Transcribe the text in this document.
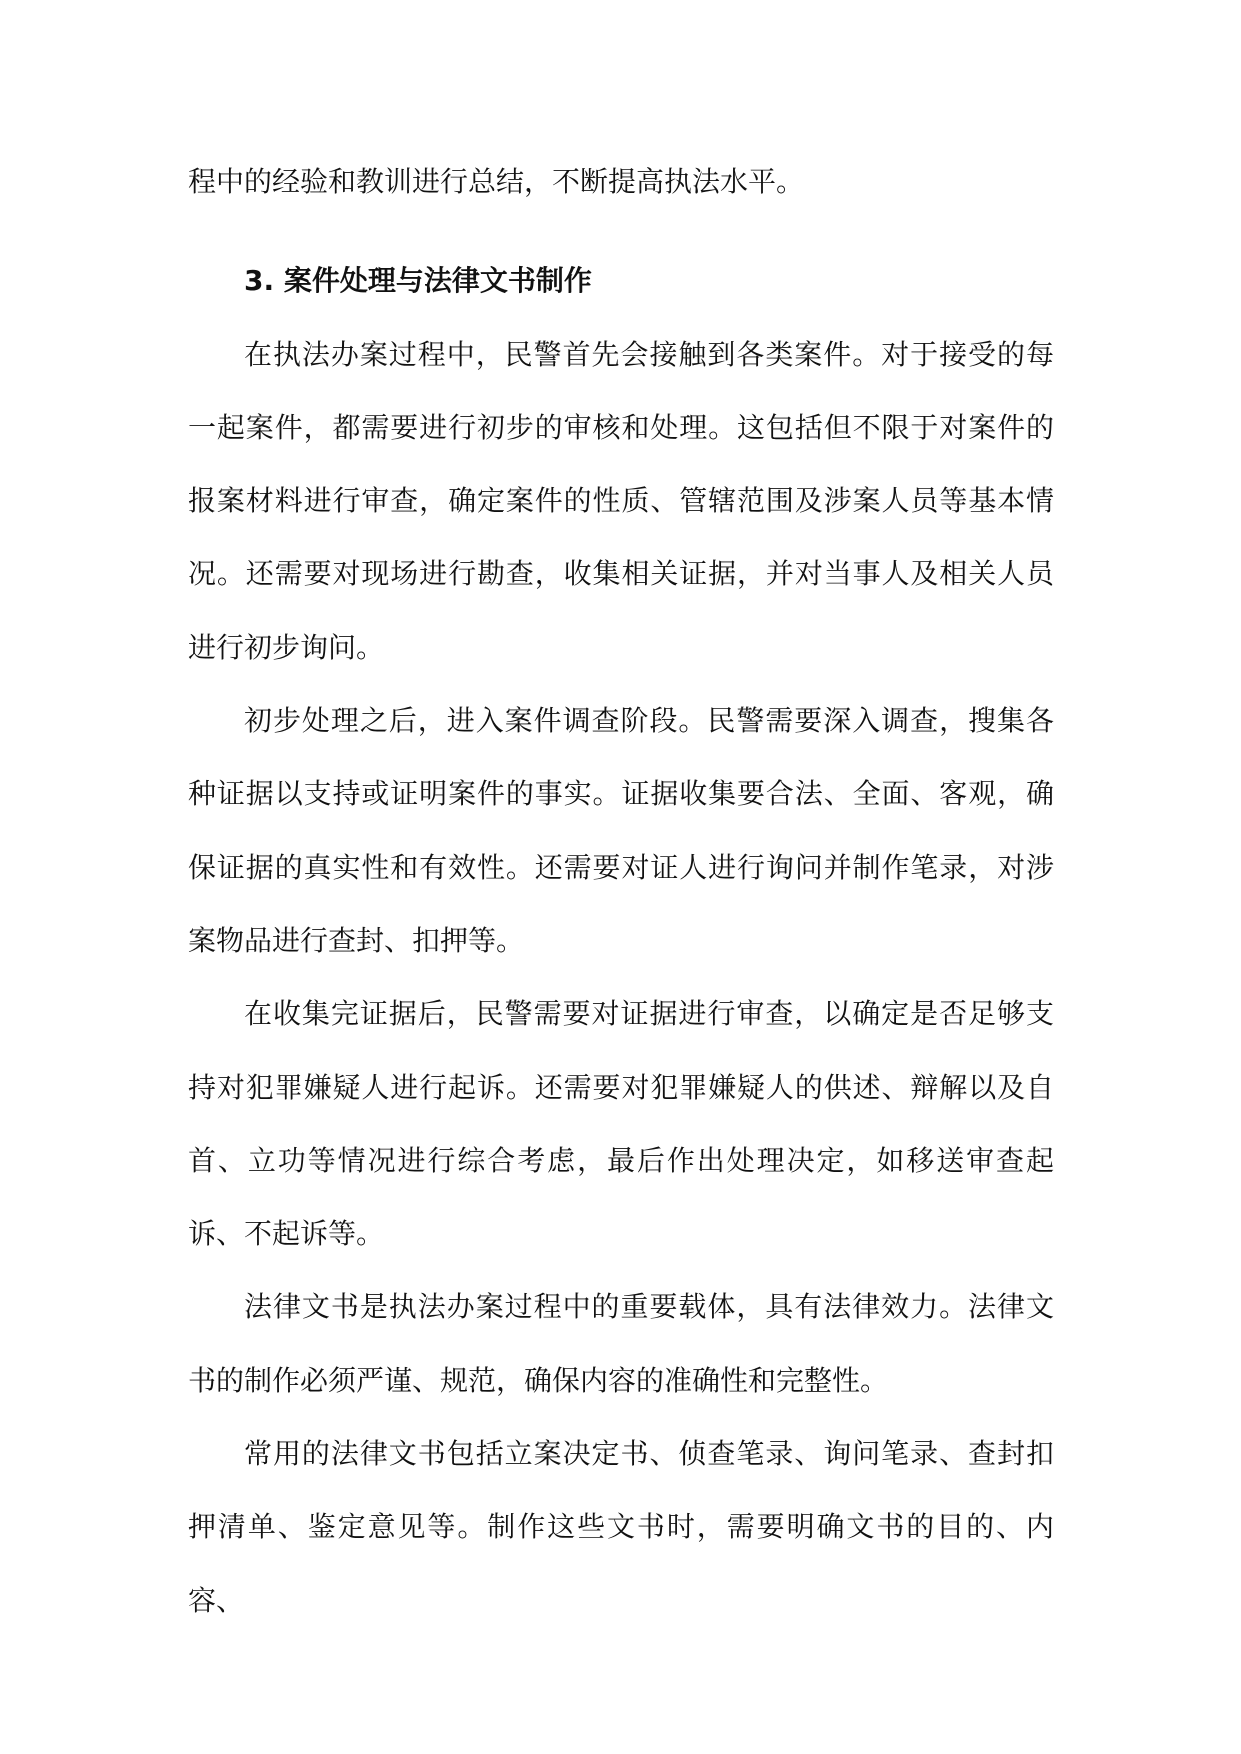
程中的经验和教训进行总结，不断提高执法水平。

3. 案件处理与法律文书制作

在执法办案过程中，民警首先会接触到各类案件。对于接受的每一起案件，都需要进行初步的审核和处理。这包括但不限于对案件的报案材料进行审查，确定案件的性质、管辖范围及涉案人员等基本情况。还需要对现场进行勘查，收集相关证据，并对当事人及相关人员进行初步询问。

初步处理之后，进入案件调查阶段。民警需要深入调查，搜集各种证据以支持或证明案件的事实。证据收集要合法、全面、客观，确保证据的真实性和有效性。还需要对证人进行询问并制作笔录，对涉案物品进行查封、扣押等。

在收集完证据后，民警需要对证据进行审查，以确定是否足够支持对犯罪嫌疑人进行起诉。还需要对犯罪嫌疑人的供述、辩解以及自首、立功等情况进行综合考虑，最后作出处理决定，如移送审查起诉、不起诉等。

法律文书是执法办案过程中的重要载体，具有法律效力。法律文书的制作必须严谨、规范，确保内容的准确性和完整性。

常用的法律文书包括立案决定书、侦查笔录、询问笔录、查封扣押清单、鉴定意见等。制作这些文书时，需要明确文书的目的、内容、
